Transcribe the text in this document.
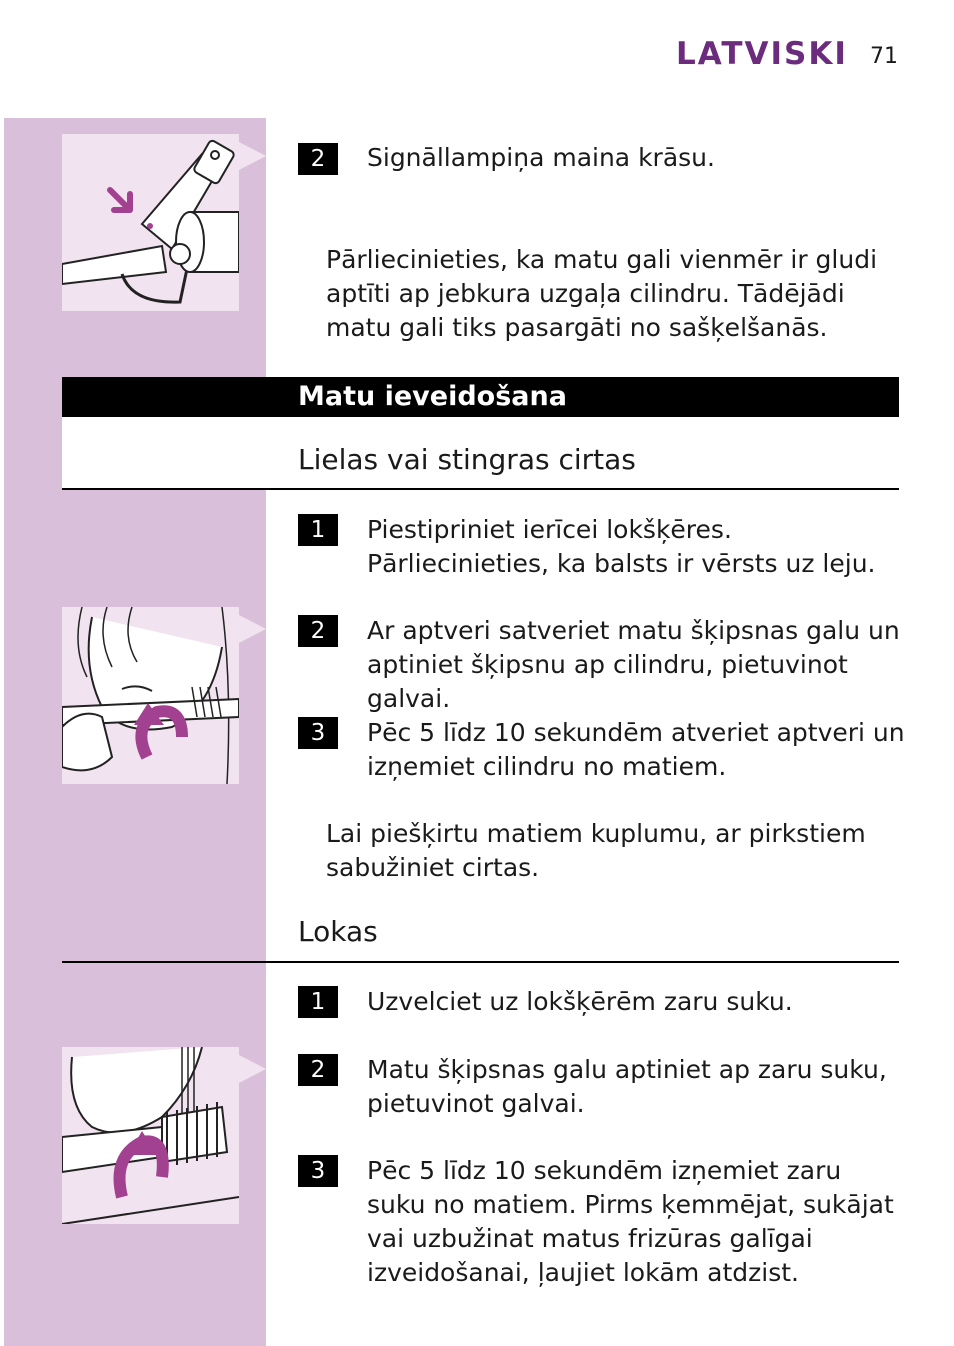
LATVISKI 71
2	Signāllampiņa maina krāsu.

Pārliecinieties, ka matu gali vienmēr ir gludi aptīti ap jebkura uzgaļa cilindru. Tādējādi matu gali tiks pasargāti no sašķelšanās.

Matu ieveidošana
Lielas vai stingras cirtas
1	Piestipriniet ierīcei lokšķēres. Pārliecinieties, ka balsts ir vērsts uz leju.

2	Ar aptveri satveriet matu šķipsnas galu un aptiniet šķipsnu ap cilindru, pietuvinot galvai.

3	Pēc 5 līdz 10 sekundēm atveriet aptveri un izņemiet cilindru no matiem.

Lai piešķirtu matiem kuplumu, ar pirkstiem sabužiniet cirtas.

Lokas
1	Uzvelciet uz lokšķērēm zaru suku.

2	Matu šķipsnas galu aptiniet ap zaru suku, pietuvinot galvai.

3	Pēc 5 līdz 10 sekundēm izņemiet zaru suku no matiem. Pirms ķemmējat, sukājat vai uzbužinat matus frizūras galīgai izveidošanai, ļaujiet lokām atdzist.
